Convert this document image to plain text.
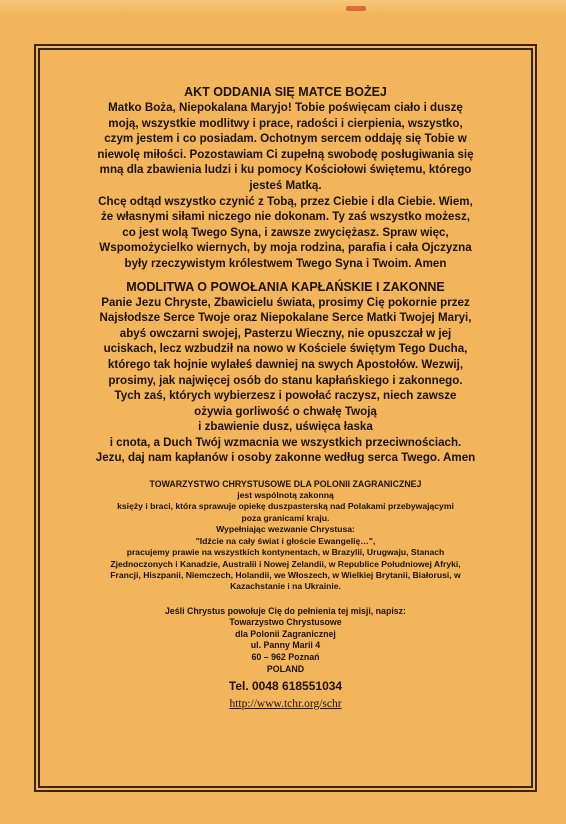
AKT ODDANIA SIĘ MATCE BOŻEJ

Matko Boża, Niepokalana Maryjo! Tobie poświęcam ciało i duszę
moją, wszystkie modlitwy i prace, radości i cierpienia, wszystko,
czym jestem i co posiadam. Ochotnym sercem oddaję się Tobie w
niewolę miłości. Pozostawiam Ci zupełną swobodę posługiwania się
mną dla zbawienia ludzi i ku pomocy Kościołowi świętemu, którego
jesteś Matką.
Chcę odtąd wszystko czynić z Tobą, przez Ciebie i dla Ciebie. Wiem,
że własnymi siłami niczego nie dokonam. Ty zaś wszystko możesz,
co jest wolą Twego Syna, i zawsze zwyciężasz. Spraw więc,
Wspomożycielko wiernych, by moja rodzina, parafia i cała Ojczyzna
były rzeczywistym królestwem Twego Syna i Twoim. Amen

MODLITWA O POWOŁANIA KAPŁAŃSKIE I ZAKONNE

Panie Jezu Chryste, Zbawicielu świata, prosimy Cię pokornie przez
Najsłodsze Serce Twoje oraz Niepokalane Serce Matki Twojej Maryi,
abyś owczarni swojej, Pasterzu Wieczny, nie opuszczał w jej
uciskach, lecz wzbudził na nowo w Kościele świętym Tego Ducha,
którego tak hojnie wylałeś dawniej na swych Apostołów. Wezwij,
prosimy, jak najwięcej osób do stanu kapłańskiego i zakonnego.
Tych zaś, których wybierzesz i powołać raczysz, niech zawsze
ożywia gorliwość o chwałę Twoją
i zbawienie dusz, uświęca łaska
i cnota, a Duch Twój wzmacnia we wszystkich przeciwnościach.
Jezu, daj nam kapłanów i osoby zakonne według serca Twego. Amen

TOWARZYSTWO CHRYSTUSOWE DLA POLONII ZAGRANICZNEJ

jest wspólnotą zakonną
księży i braci, która sprawuje opiekę duszpasterską nad Polakami przebywającymi
poza granicami kraju.
Wypełniając wezwanie Chrystusa:
"Idźcie na cały świat i głoście Ewangelię…",
pracujemy prawie na wszystkich kontynentach, w Brazylii, Urugwaju, Stanach
Zjednoczonych i Kanadzie, Australii i Nowej Zelandii, w Republice Południowej Afryki,
Francji, Hiszpanii, Niemczech, Holandii, we Włoszech, w Wielkiej Brytanii, Białorusi, w
Kazachstanie i na Ukrainie.

Jeśli Chrystus powołuje Cię do pełnienia tej misji, napisz:

Towarzystwo Chrystusowe
dla Polonii Zagranicznej
ul. Panny Marii 4
60 – 962 Poznań
POLAND
Tel. 0048 618551034
http://www.tchr.org/schr
